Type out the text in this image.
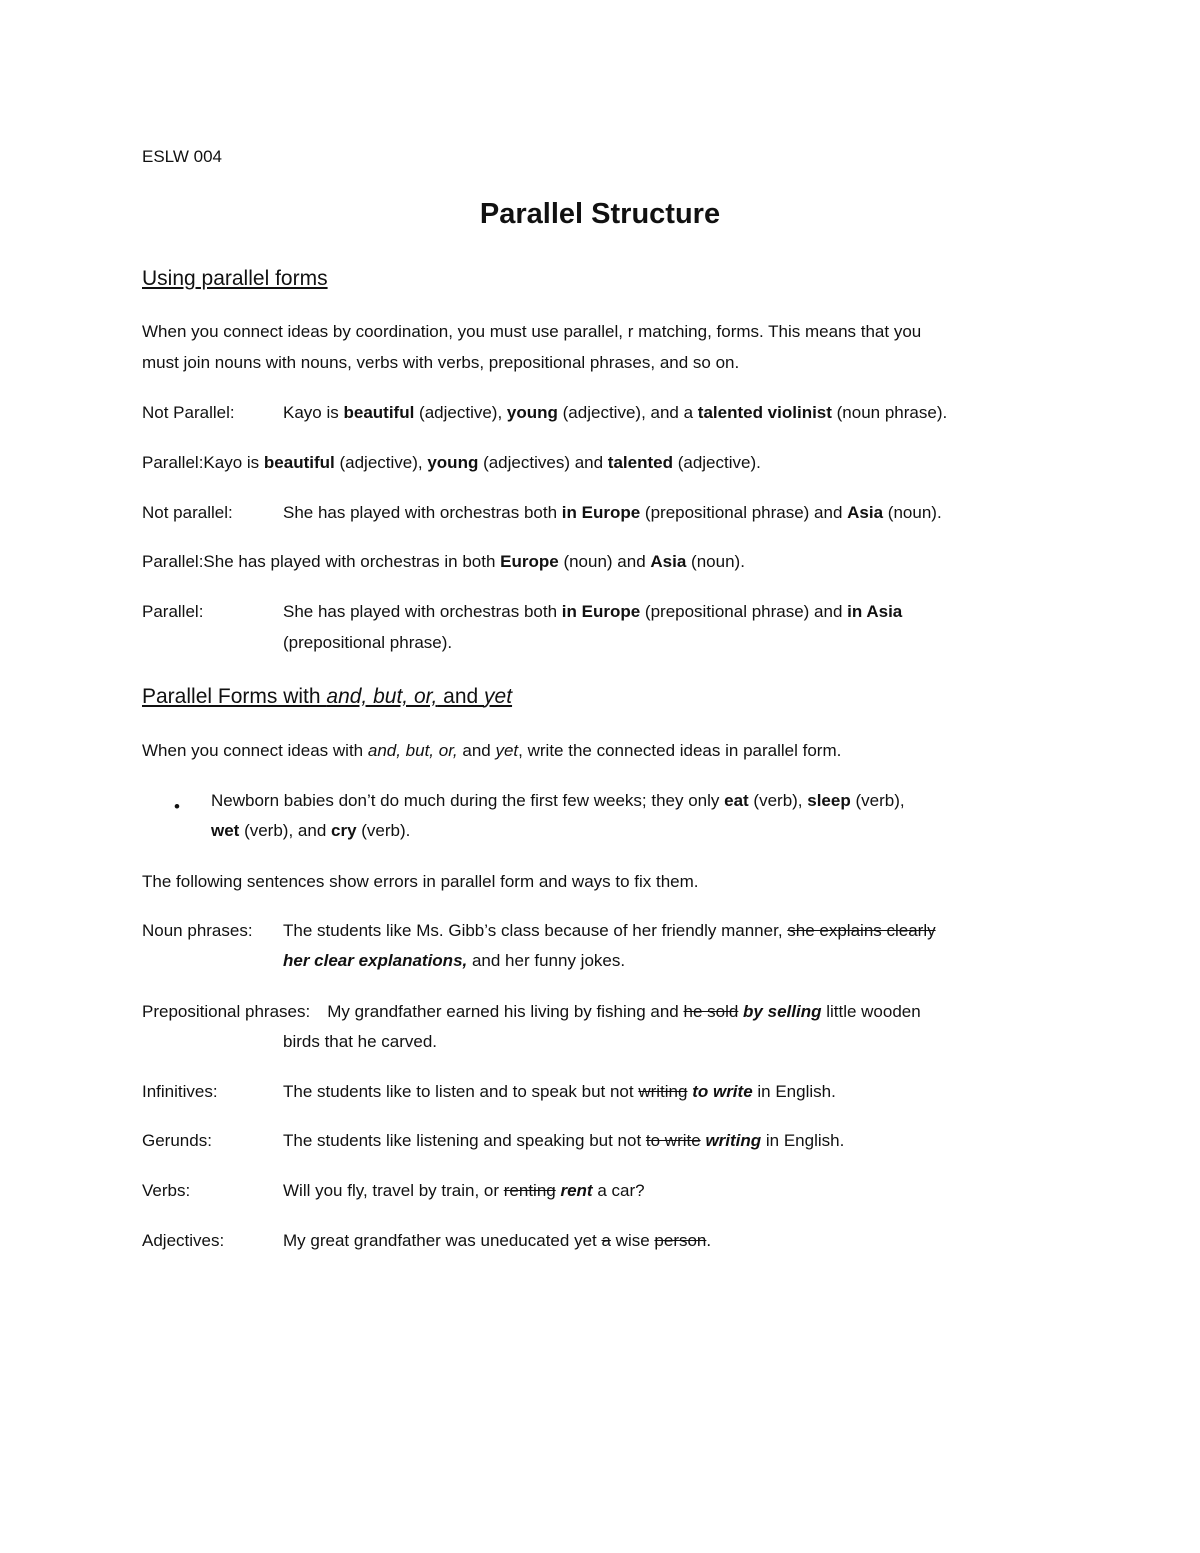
ESLW 004
Parallel Structure
Using parallel forms
When you connect ideas by coordination, you must use parallel, r matching, forms. This means that you
must join nouns with nouns, verbs with verbs, prepositional phrases, and so on.
Not Parallel:	Kayo is beautiful (adjective), young (adjective), and a talented violinist (noun phrase).
Parallel:Kayo is beautiful (adjective), young (adjectives) and talented (adjective).
Not parallel:	She has played with orchestras both in Europe (prepositional phrase) and Asia (noun).
Parallel:She has played with orchestras in both Europe (noun) and Asia (noun).
Parallel:	She has played with orchestras both in Europe (prepositional phrase) and in Asia
(prepositional phrase).
Parallel Forms with and, but, or, and yet
When you connect ideas with and, but, or, and yet, write the connected ideas in parallel form.
• Newborn babies don’t do much during the first few weeks; they only eat (verb), sleep (verb),
wet (verb), and cry (verb).
The following sentences show errors in parallel form and ways to fix them.
Noun phrases: The students like Ms. Gibb’s class because of her friendly manner, she explains clearly
her clear explanations, and her funny jokes.
Prepositional phrases: My grandfather earned his living by fishing and he sold by selling little wooden
birds that he carved.
Infinitives:	The students like to listen and to speak but not writing to write in English.
Gerunds:	The students like listening and speaking but not to write writing in English.
Verbs:	Will you fly, travel by train, or renting rent a car?
Adjectives:	My great grandfather was uneducated yet a wise person.
